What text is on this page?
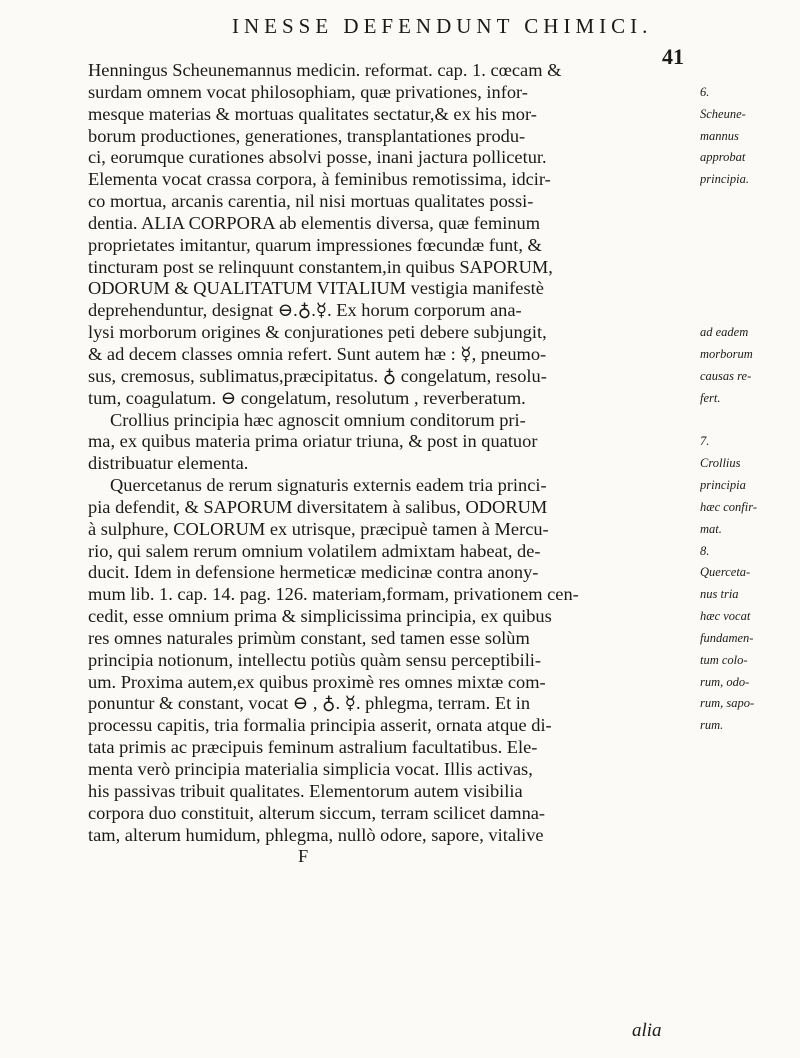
INESSE DEFENDUNT CHIMICI.
41
Henningus Scheunemannus medicin. reformat. cap. 1. cœcam &
surdam omnem vocat philosophiam, quæ privationes, infor-
mesque materias & mortuas qualitates sectatur,& ex his mor-
borum productiones, generationes, transplantationes produ-
ci, eorumque curationes absolvi posse, inani jactura pollicetur.
Elementa vocat crassa corpora, à feminibus remotissima, idcir-
co mortua, arcanis carentia, nil nisi mortuas qualitates possi-
dentia. ALIA CORPORA ab elementis diversa, quæ feminum
proprietates imitantur, quarum impressiones fœcundæ funt, &
tincturam post se relinquunt constantem,in quibus SAPORUM,
ODORUM & QUALITATUM VITALIUM vestigia manifestè
deprehenduntur, designat ⊖.♁.☿. Ex horum corporum ana-
lysi morborum origines & conjurationes peti debere subjungit,
& ad decem classes omnia refert. Sunt autem hæ : ☿, pneumo-
sus, cremosus, sublimatus,præcipitatus. ♁ congelatum, resolu-
tum, coagulatum. ⊖ congelatum, resolutum , reverberatum.
Crollius principia hæc agnoscit omnium conditorum pri-
ma, ex quibus materia prima oriatur triuna, & post in quatuor
distribuatur elementa.
Quercetanus de rerum signaturis externis eadem tria princi-
pia defendit, & SAPORUM diversitatem à salibus, ODORUM
à sulphure, COLORUM ex utrisque, præcipuè tamen à Mercu-
rio, qui salem rerum omnium volatilem admixtam habeat, de-
ducit. Idem in defensione hermeticæ medicinæ contra anony-
mum lib. 1. cap. 14. pag. 126. materiam,formam, privationem cen-
cedit, esse omnium prima & simplicissima principia, ex quibus
res omnes naturales primùm constant, sed tamen esse solùm
principia notionum, intellectu potiùs quàm sensu perceptibili-
um. Proxima autem,ex quibus proximè res omnes mixtæ com-
ponuntur & constant, vocat ⊖ , ♁. ☿. phlegma, terram. Et in
processu capitis, tria formalia principia asserit, ornata atque di-
tata primis ac præcipuis feminum astralium facultatibus. Ele-
menta verò principia materialia simplicia vocat. Illis activas,
his passivas tribuit qualitates. Elementorum autem visibilia
corpora duo constituit, alterum siccum, terram scilicet damna-
tam, alterum humidum, phlegma, nullò odore, sapore, vitalive
F
6.
Scheune-
mannus
approbat
principia.
ad eadem
morborum
causas re-
fert.
7.
Crollius
principia
hæc confir-
mat.
8.
Quercetа-
nus tria
hæc vocat
fundamen-
tum colo-
rum, odo-
rum, sapo-
rum.
alia
